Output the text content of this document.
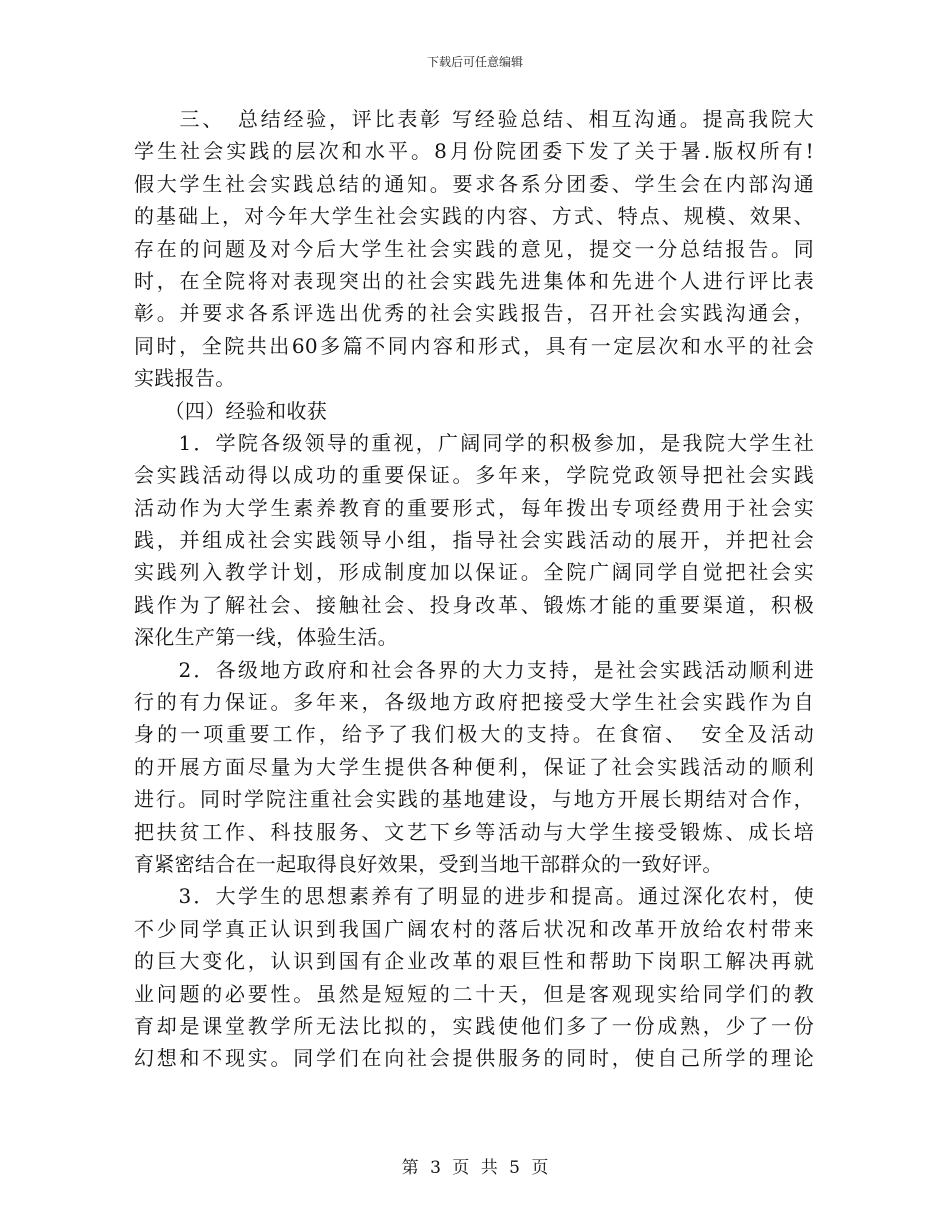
下载后可任意编辑
　　三、　总结经验，评比表彰 写经验总结、相互沟通。提高我院大
学生社会实践的层次和水平。8月份院团委下发了关于暑.版权所有!
假大学生社会实践总结的通知。要求各系分团委、学生会在内部沟通
的基础上，对今年大学生社会实践的内容、方式、特点、规模、效果、
存在的问题及对今后大学生社会实践的意见，提交一分总结报告。同
时，在全院将对表现突出的社会实践先进集体和先进个人进行评比表
彰。并要求各系评选出优秀的社会实践报告，召开社会实践沟通会，
同时，全院共出60多篇不同内容和形式，具有一定层次和水平的社会
实践报告。
　　（四）经验和收获
　　1．学院各级领导的重视，广阔同学的积极参加，是我院大学生社
会实践活动得以成功的重要保证。多年来，学院党政领导把社会实践
活动作为大学生素养教育的重要形式，每年拨出专项经费用于社会实
践，并组成社会实践领导小组，指导社会实践活动的展开，并把社会
实践列入教学计划，形成制度加以保证。全院广阔同学自觉把社会实
践作为了解社会、接触社会、投身改革、锻炼才能的重要渠道，积极
深化生产第一线，体验生活。
　　2．各级地方政府和社会各界的大力支持，是社会实践活动顺利进
行的有力保证。多年来，各级地方政府把接受大学生社会实践作为自
身的一项重要工作，给予了我们极大的支持。在食宿、　安全及活动
的开展方面尽量为大学生提供各种便利，保证了社会实践活动的顺利
进行。同时学院注重社会实践的基地建设，与地方开展长期结对合作，
把扶贫工作、科技服务、文艺下乡等活动与大学生接受锻炼、成长培
育紧密结合在一起取得良好效果，受到当地干部群众的一致好评。
　　3．大学生的思想素养有了明显的进步和提高。通过深化农村，使
不少同学真正认识到我国广阔农村的落后状况和改革开放给农村带来
的巨大变化，认识到国有企业改革的艰巨性和帮助下岗职工解决再就
业问题的必要性。虽然是短短的二十天，但是客观现实给同学们的教
育却是课堂教学所无法比拟的，实践使他们多了一份成熟，少了一份
幻想和不现实。同学们在向社会提供服务的同时，使自己所学的理论
第 3 页 共 5 页
